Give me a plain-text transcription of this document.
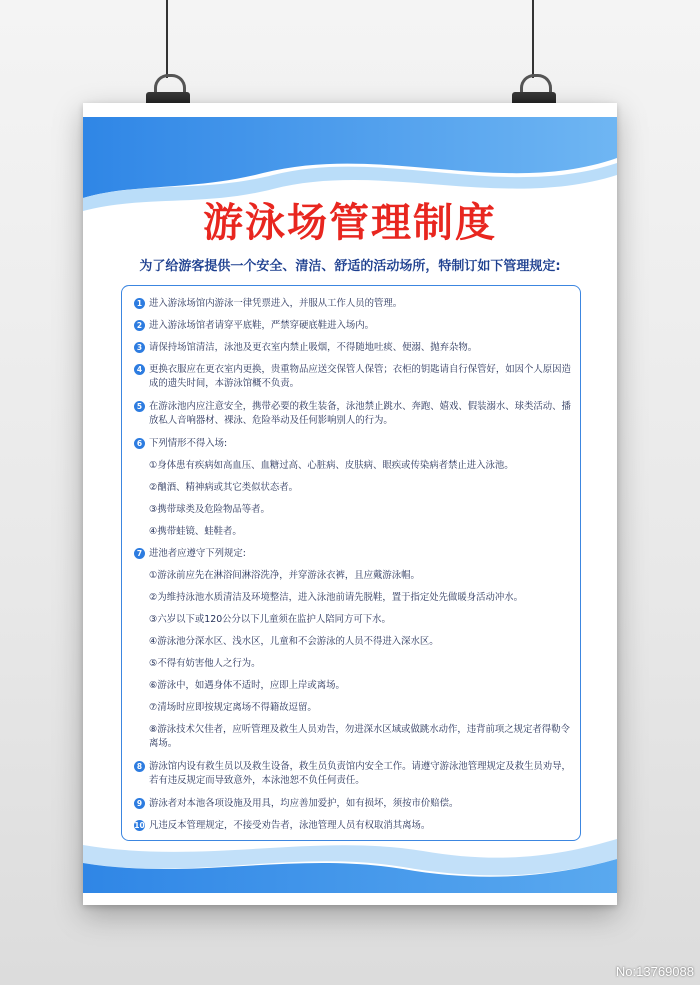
游泳场管理制度
为了给游客提供一个安全、清洁、舒适的活动场所，特制订如下管理规定:
1 进入游泳场馆内游泳一律凭票进入，并服从工作人员的管理。
2 进入游泳场馆者请穿平底鞋，严禁穿硬底鞋进入场内。
3 请保持场馆清洁，泳池及更衣室内禁止吸烟，不得随地吐痰、便溺、抛弃杂物。
4 更换衣服应在更衣室内更换，贵重物品应送交保管人保管；衣柜的钥匙请自行保管好，如因个人原因造成的遗失时间，本游泳馆概不负责。
5 在游泳池内应注意安全，携带必要的救生装备，泳池禁止跳水、奔跑、嬉戏、假装溺水、球类活动、播放私人音响器材、裸泳、危险举动及任何影响别人的行为。
6 下列情形不得入场:
①身体患有疾病如高血压、血糖过高、心脏病、皮肤病、眼疾或传染病者禁止进入泳池。
②酗酒、精神病或其它类似状态者。
③携带球类及危险物品等者。
④携带蛙镜、蛙鞋者。
7 进池者应遵守下列规定:
①游泳前应先在淋浴间淋浴洗净，并穿游泳衣裤，且应戴游泳帽。
②为维持泳池水质清洁及环境整洁，进入泳池前请先脱鞋，置于指定处先做暖身活动冲水。
③六岁以下或120公分以下儿童须在监护人陪同方可下水。
④游泳池分深水区、浅水区，儿童和不会游泳的人员不得进入深水区。
⑤不得有妨害他人之行为。
⑥游泳中，如遇身体不适时，应即上岸或离场。
⑦清场时应即按规定离场不得籍故逗留。
⑧游泳技术欠佳者，应听管理及救生人员劝告，勿进深水区域或做跳水动作，违背前项之规定者得勒令离场。
8 游泳馆内设有救生员以及救生设备，救生员负责馆内安全工作。请遵守游泳池管理规定及救生员劝导，若有违反规定而导致意外，本泳池恕不负任何责任。
9 游泳者对本池各项设施及用具，均应善加爱护，如有损坏，须按市价赔偿。
10 凡违反本管理规定，不接受劝告者，泳池管理人员有权取消其离场。
No:13769088
